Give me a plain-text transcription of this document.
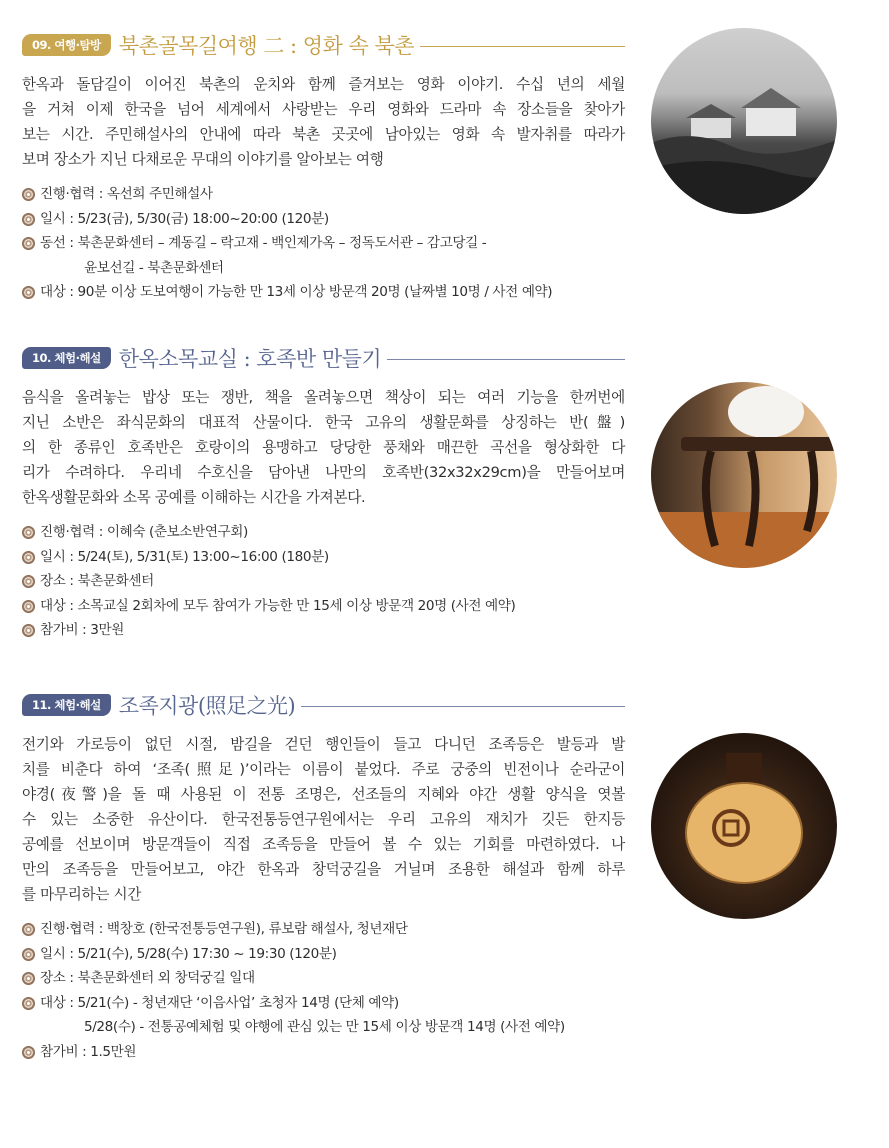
09. 여행·탐방 북촌골목길여행 二 : 영화 속 북촌
한옥과 돌담길이 이어진 북촌의 운치와 함께 즐겨보는 영화 이야기. 수십 년의 세월
을 거쳐 이제 한국을 넘어 세계에서 사랑받는 우리 영화와 드라마 속 장소들을 찾아가
보는 시간. 주민해설사의 안내에 따라 북촌 곳곳에 남아있는 영화 속 발자취를 따라가
보며 장소가 지닌 다채로운 무대의 이야기를 알아보는 여행
진행·협력 : 옥선희 주민해설사
일시 : 5/23(금), 5/30(금) 18:00~20:00 (120분)
동선 : 북촌문화센터 – 계동길 – 락고재 - 백인제가옥 – 정독도서관 – 감고당길 -
윤보선길 - 북촌문화센터
대상 : 90분 이상 도보여행이 가능한 만 13세 이상 방문객 20명 (날짜별 10명 / 사전 예약)
10. 체험·해설 한옥소목교실 : 호족반 만들기
음식을 올려놓는 밥상 또는 쟁반, 책을 올려놓으면 책상이 되는 여러 기능을 한꺼번에
지닌 소반은 좌식문화의 대표적 산물이다. 한국 고유의 생활문화를 상징하는 반(盤)
의 한 종류인 호족반은 호랑이의 용맹하고 당당한 풍채와 매끈한 곡선을 형상화한 다
리가 수려하다. 우리네 수호신을 담아낸 나만의 호족반(32x32x29cm)을 만들어보며
한옥생활문화와 소목 공예를 이해하는 시간을 가져본다.
진행·협력 : 이혜숙 (춘보소반연구회)
일시 : 5/24(토), 5/31(토) 13:00~16:00 (180분)
장소 : 북촌문화센터
대상 : 소목교실 2회차에 모두 참여가 가능한 만 15세 이상 방문객 20명 (사전 예약)
참가비 : 3만원
11. 체험·해설 조족지광(照足之光)
전기와 가로등이 없던 시절, 밤길을 걷던 행인들이 들고 다니던 조족등은 발등과 발
치를 비춘다 하여 ‘조족(照足)’이라는 이름이 붙었다. 주로 궁중의 빈전이나 순라군이
야경(夜警)을 돌 때 사용된 이 전통 조명은, 선조들의 지혜와 야간 생활 양식을 엿볼
수 있는 소중한 유산이다. 한국전통등연구원에서는 우리 고유의 재치가 깃든 한지등
공예를 선보이며 방문객들이 직접 조족등을 만들어 볼 수 있는 기회를 마련하였다. 나
만의 조족등을 만들어보고, 야간 한옥과 창덕궁길을 거닐며 조용한 해설과 함께 하루
를 마무리하는 시간
진행·협력 : 백창호 (한국전통등연구원), 류보람 해설사, 청년재단
일시 : 5/21(수), 5/28(수) 17:30 ~ 19:30 (120분)
장소 : 북촌문화센터 외 창덕궁길 일대
대상 : 5/21(수) - 청년재단 ‘이음사업’ 초청자 14명 (단체 예약)
5/28(수) - 전통공예체험 및 야행에 관심 있는 만 15세 이상 방문객 14명 (사전 예약)
참가비 : 1.5만원
